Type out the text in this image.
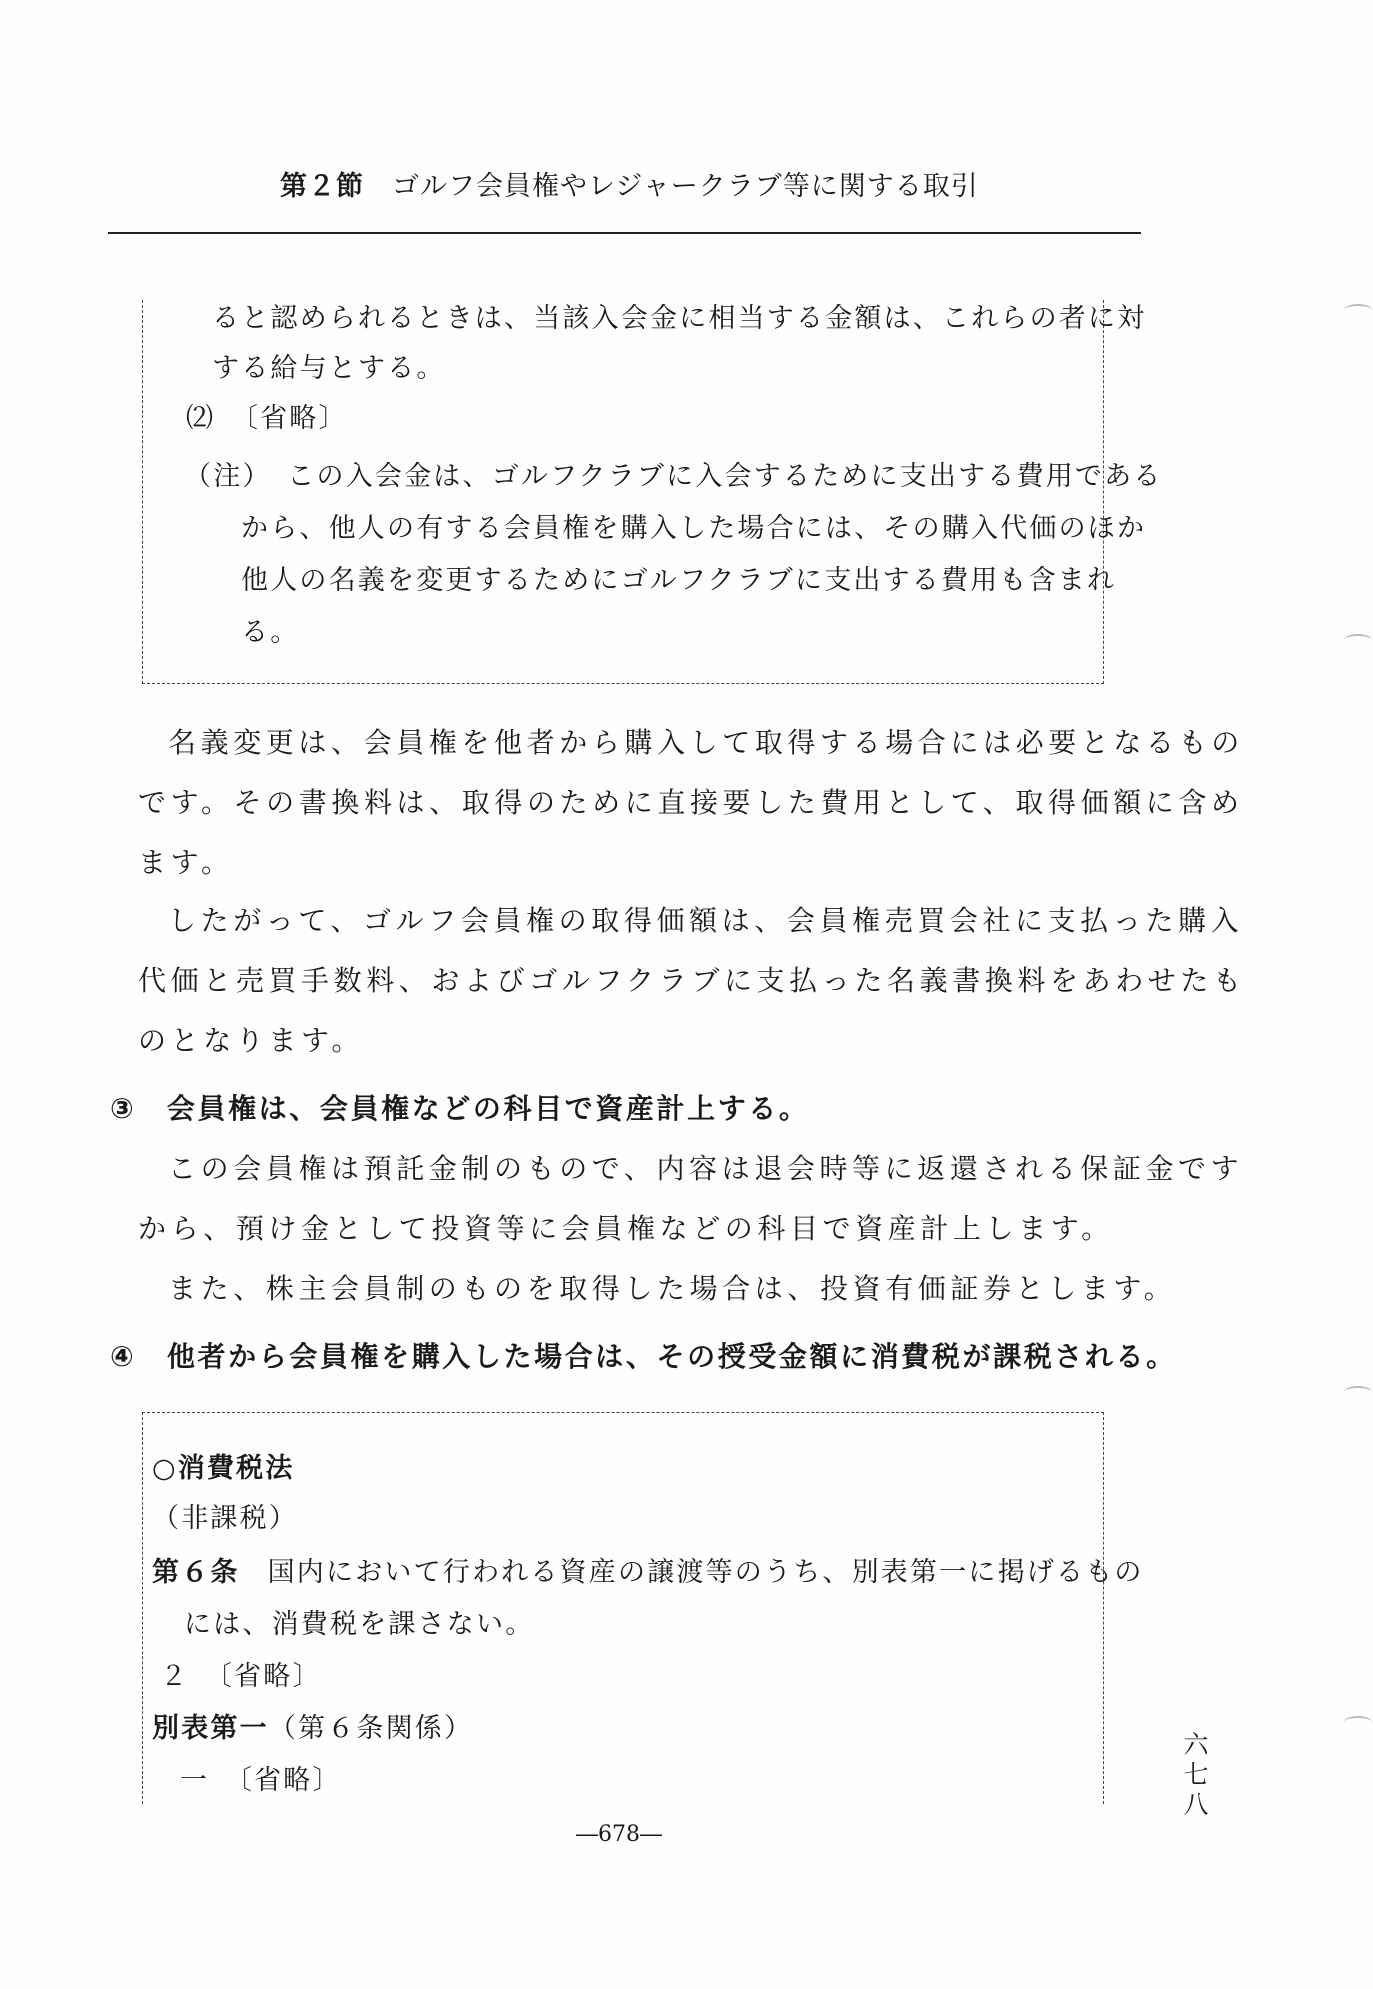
第２節 ゴルフ会員権やレジャークラブ等に関する取引
ると認められるときは、当該入会金に相当する金額は、これらの者に対
する給与とする。
⑵　〔省略〕
（注）　この入会金は、ゴルフクラブに入会するために支出する費用である
から、他人の有する会員権を購入した場合には、その購入代価のほか
他人の名義を変更するためにゴルフクラブに支出する費用も含まれ
る。
名義変更は、会員権を他者から購入して取得する場合には必要となるもの
です。その書換料は、取得のために直接要した費用として、取得価額に含め
ます。
したがって、ゴルフ会員権の取得価額は、会員権売買会社に支払った購入
代価と売買手数料、およびゴルフクラブに支払った名義書換料をあわせたも
のとなります。
③　会員権は、会員権などの科目で資産計上する。
この会員権は預託金制のもので、内容は退会時等に返還される保証金です
から、預け金として投資等に会員権などの科目で資産計上します。
また、株主会員制のものを取得した場合は、投資有価証券とします。
④　他者から会員権を購入した場合は、その授受金額に消費税が課税される。
○消費税法
（非課税）
第６条 国内において行われる資産の譲渡等のうち、別表第一に掲げるもの
には、消費税を課さない。
２　〔省略〕
別表第一（第６条関係）
一　〔省略〕
―678―
六
七
八
